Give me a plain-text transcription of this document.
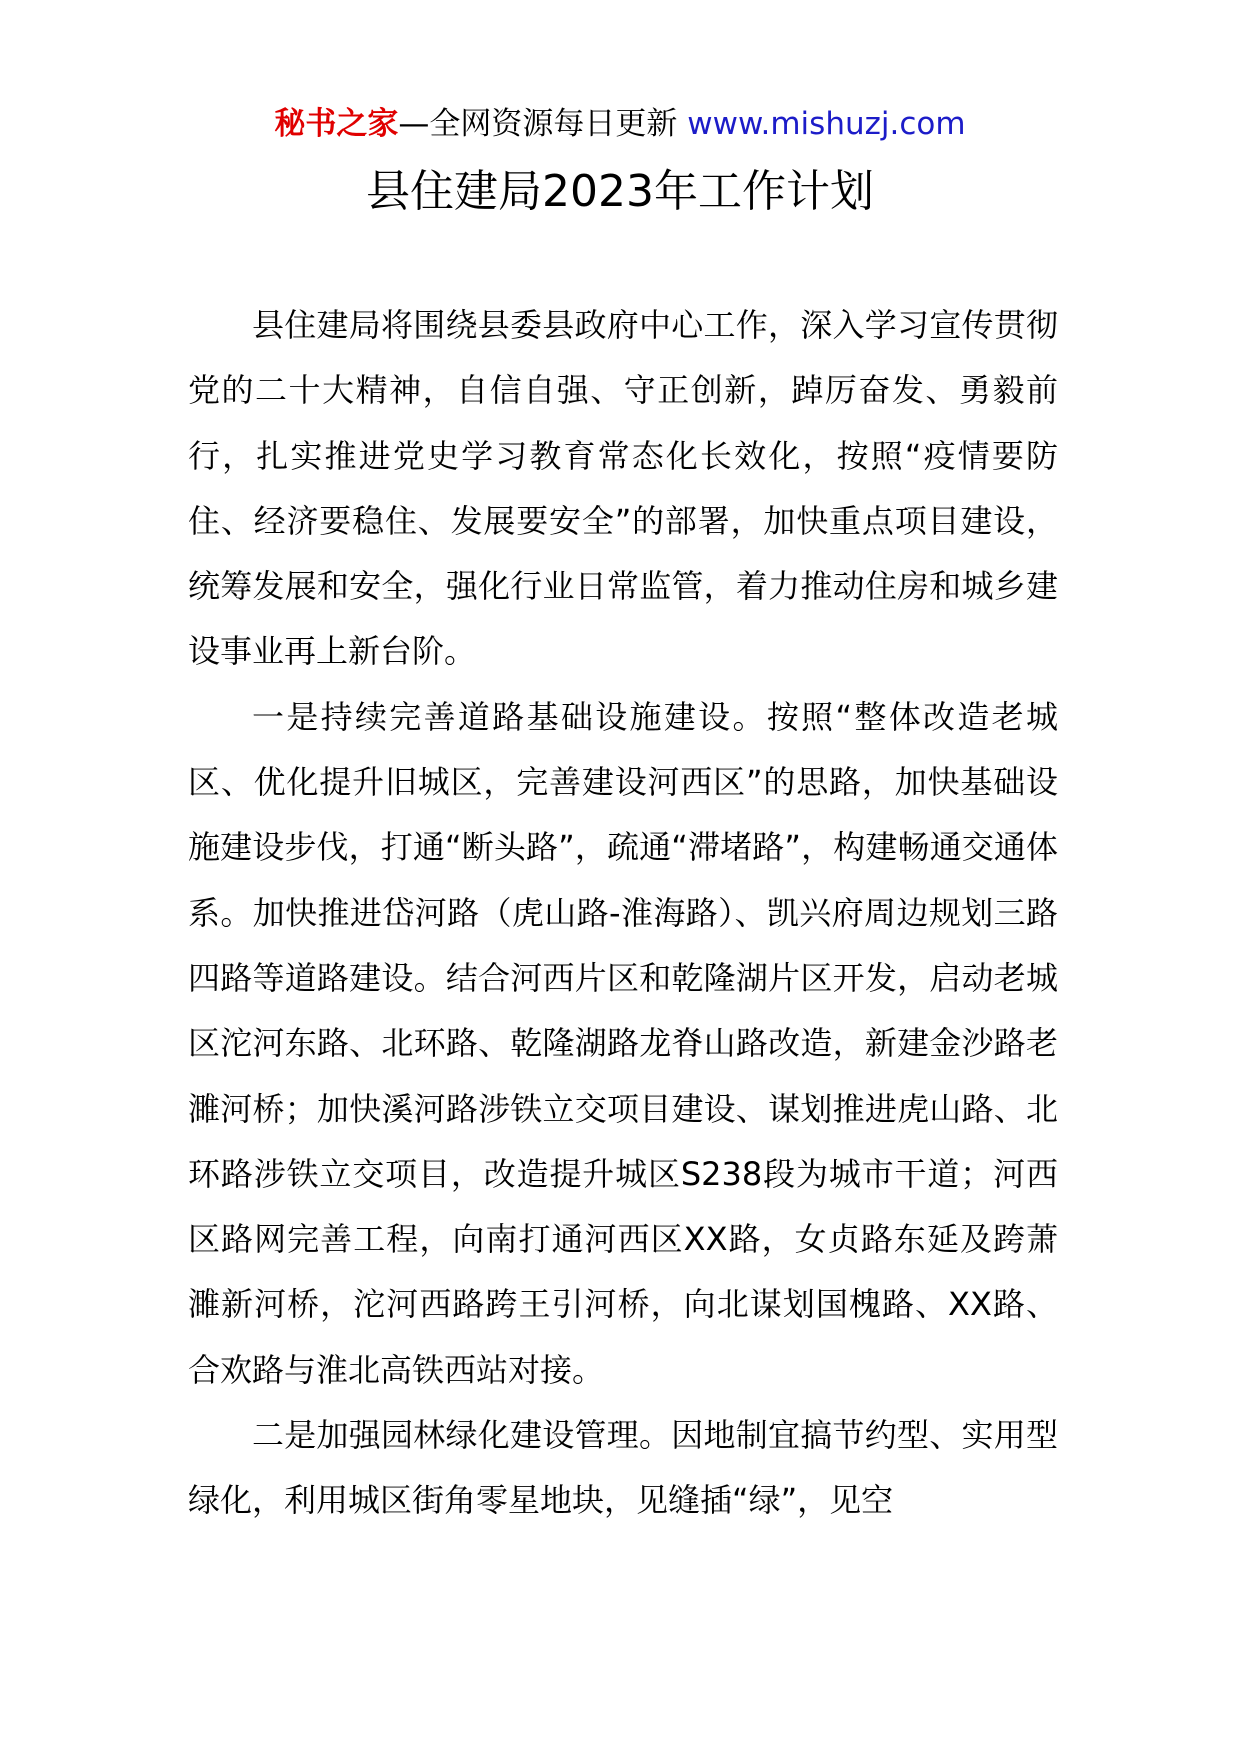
秘书之家—全网资源每日更新 www.mishuzj.com
县住建局2023年工作计划

县住建局将围绕县委县政府中心工作，深入学习宣传贯彻党的二十大精神，自信自强、守正创新，踔厉奋发、勇毅前行，扎实推进党史学习教育常态化长效化，按照“疫情要防住、经济要稳住、发展要安全”的部署，加快重点项目建设，统筹发展和安全，强化行业日常监管，着力推动住房和城乡建设事业再上新台阶。

一是持续完善道路基础设施建设。按照“整体改造老城区、优化提升旧城区，完善建设河西区”的思路，加快基础设施建设步伐，打通“断头路”，疏通“滞堵路”，构建畅通交通体系。加快推进岱河路（虎山路-淮海路）、凯兴府周边规划三路四路等道路建设。结合河西片区和乾隆湖片区开发，启动老城区沱河东路、北环路、乾隆湖路龙脊山路改造，新建金沙路老濉河桥；加快溪河路涉铁立交项目建设、谋划推进虎山路、北环路涉铁立交项目，改造提升城区S238段为城市干道；河西区路网完善工程，向南打通河西区XX路，女贞路东延及跨萧濉新河桥，沱河西路跨王引河桥，向北谋划国槐路、XX路、合欢路与淮北高铁西站对接。

二是加强园林绿化建设管理。因地制宜搞节约型、实用型绿化，利用城区街角零星地块，见缝插“绿”，见空
